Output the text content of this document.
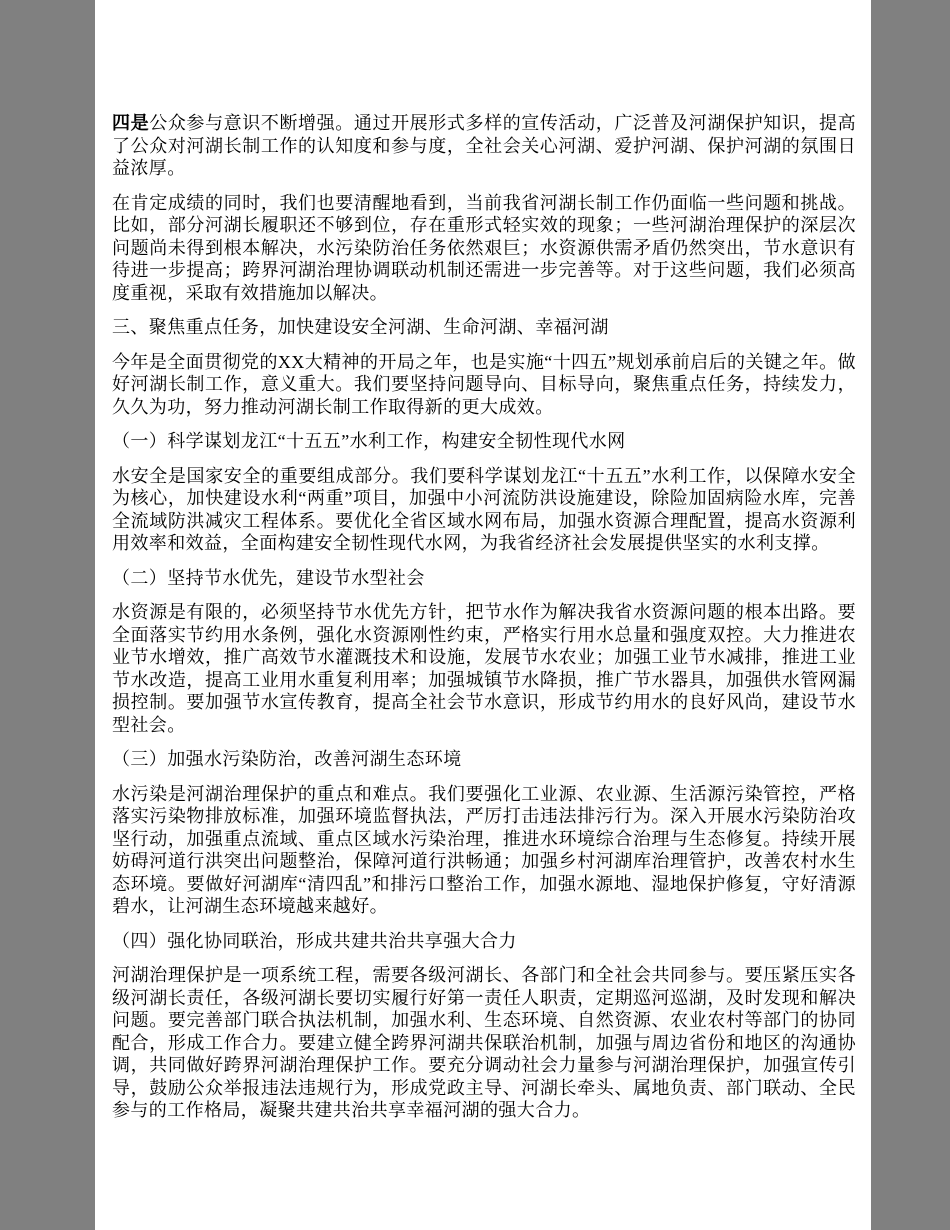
四是公众参与意识不断增强。通过开展形式多样的宣传活动，广泛普及河湖保护知识，提高了公众对河湖长制工作的认知度和参与度，全社会关心河湖、爱护河湖、保护河湖的氛围日益浓厚。

在肯定成绩的同时，我们也要清醒地看到，当前我省河湖长制工作仍面临一些问题和挑战。比如，部分河湖长履职还不够到位，存在重形式轻实效的现象；一些河湖治理保护的深层次问题尚未得到根本解决，水污染防治任务依然艰巨；水资源供需矛盾仍然突出，节水意识有待进一步提高；跨界河湖治理协调联动机制还需进一步完善等。对于这些问题，我们必须高度重视，采取有效措施加以解决。

三、聚焦重点任务，加快建设安全河湖、生命河湖、幸福河湖

今年是全面贯彻党的XX大精神的开局之年，也是实施“十四五”规划承前启后的关键之年。做好河湖长制工作，意义重大。我们要坚持问题导向、目标导向，聚焦重点任务，持续发力，久久为功，努力推动河湖长制工作取得新的更大成效。

（一）科学谋划龙江“十五五”水利工作，构建安全韧性现代水网

水安全是国家安全的重要组成部分。我们要科学谋划龙江“十五五”水利工作，以保障水安全为核心，加快建设水利“两重”项目，加强中小河流防洪设施建设，除险加固病险水库，完善全流域防洪减灾工程体系。要优化全省区域水网布局，加强水资源合理配置，提高水资源利用效率和效益，全面构建安全韧性现代水网，为我省经济社会发展提供坚实的水利支撑。

（二）坚持节水优先，建设节水型社会

水资源是有限的，必须坚持节水优先方针，把节水作为解决我省水资源问题的根本出路。要全面落实节约用水条例，强化水资源刚性约束，严格实行用水总量和强度双控。大力推进农业节水增效，推广高效节水灌溉技术和设施，发展节水农业；加强工业节水减排，推进工业节水改造，提高工业用水重复利用率；加强城镇节水降损，推广节水器具，加强供水管网漏损控制。要加强节水宣传教育，提高全社会节水意识，形成节约用水的良好风尚，建设节水型社会。

（三）加强水污染防治，改善河湖生态环境

水污染是河湖治理保护的重点和难点。我们要强化工业源、农业源、生活源污染管控，严格落实污染物排放标准，加强环境监督执法，严厉打击违法排污行为。深入开展水污染防治攻坚行动，加强重点流域、重点区域水污染治理，推进水环境综合治理与生态修复。持续开展妨碍河道行洪突出问题整治，保障河道行洪畅通；加强乡村河湖库治理管护，改善农村水生态环境。要做好河湖库“清四乱”和排污口整治工作，加强水源地、湿地保护修复，守好清源碧水，让河湖生态环境越来越好。

（四）强化协同联治，形成共建共治共享强大合力

河湖治理保护是一项系统工程，需要各级河湖长、各部门和全社会共同参与。要压紧压实各级河湖长责任，各级河湖长要切实履行好第一责任人职责，定期巡河巡湖，及时发现和解决问题。要完善部门联合执法机制，加强水利、生态环境、自然资源、农业农村等部门的协同配合，形成工作合力。要建立健全跨界河湖共保联治机制，加强与周边省份和地区的沟通协调，共同做好跨界河湖治理保护工作。要充分调动社会力量参与河湖治理保护，加强宣传引导，鼓励公众举报违法违规行为，形成党政主导、河湖长牵头、属地负责、部门联动、全民参与的工作格局，凝聚共建共治共享幸福河湖的强大合力。
